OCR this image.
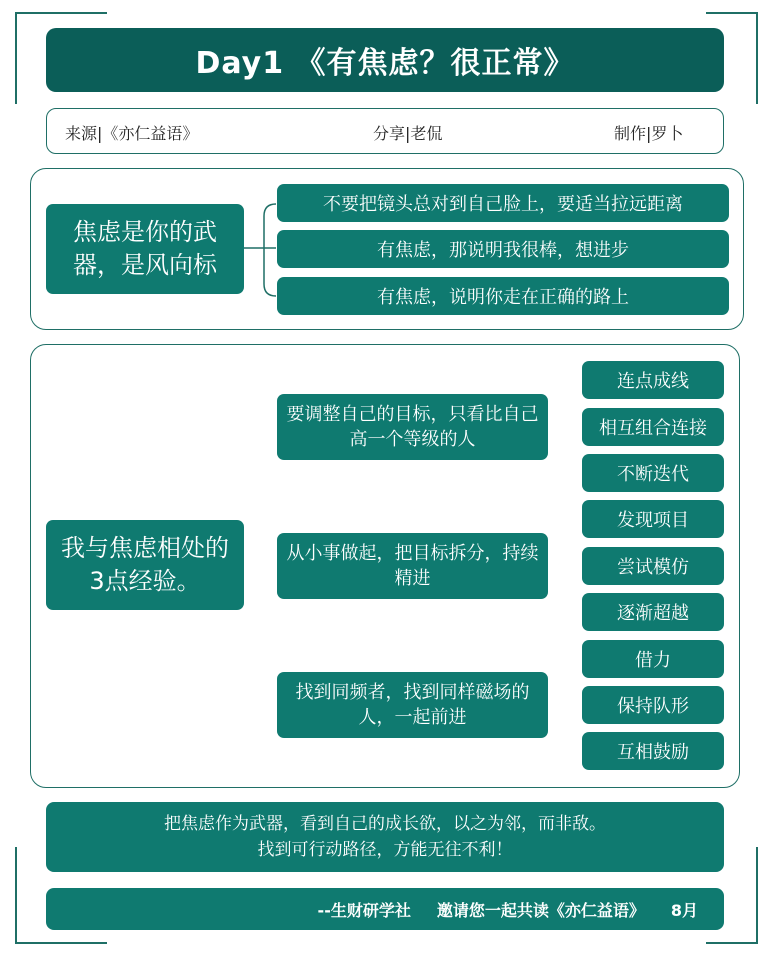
Day1 《有焦虑？很正常》
来源|《亦仁益语》	分享|老侃	制作|罗卜
焦虑是你的武器，是风向标
不要把镜头总对到自己脸上，要适当拉远距离
有焦虑，那说明我很棒，想进步
有焦虑，说明你走在正确的路上
我与焦虑相处的3点经验。
要调整自己的目标，只看比自己高一个等级的人
从小事做起，把目标拆分，持续精进
找到同频者，找到同样磁场的人，一起前进
连点成线
相互组合连接
不断迭代
发现项目
尝试模仿
逐渐超越
借力
保持队形
互相鼓励
把焦虑作为武器，看到自己的成长欲，以之为邻，而非敌。
找到可行动路径，方能无往不利！
--生财研学社 邀请您一起共读《亦仁益语》 8月
